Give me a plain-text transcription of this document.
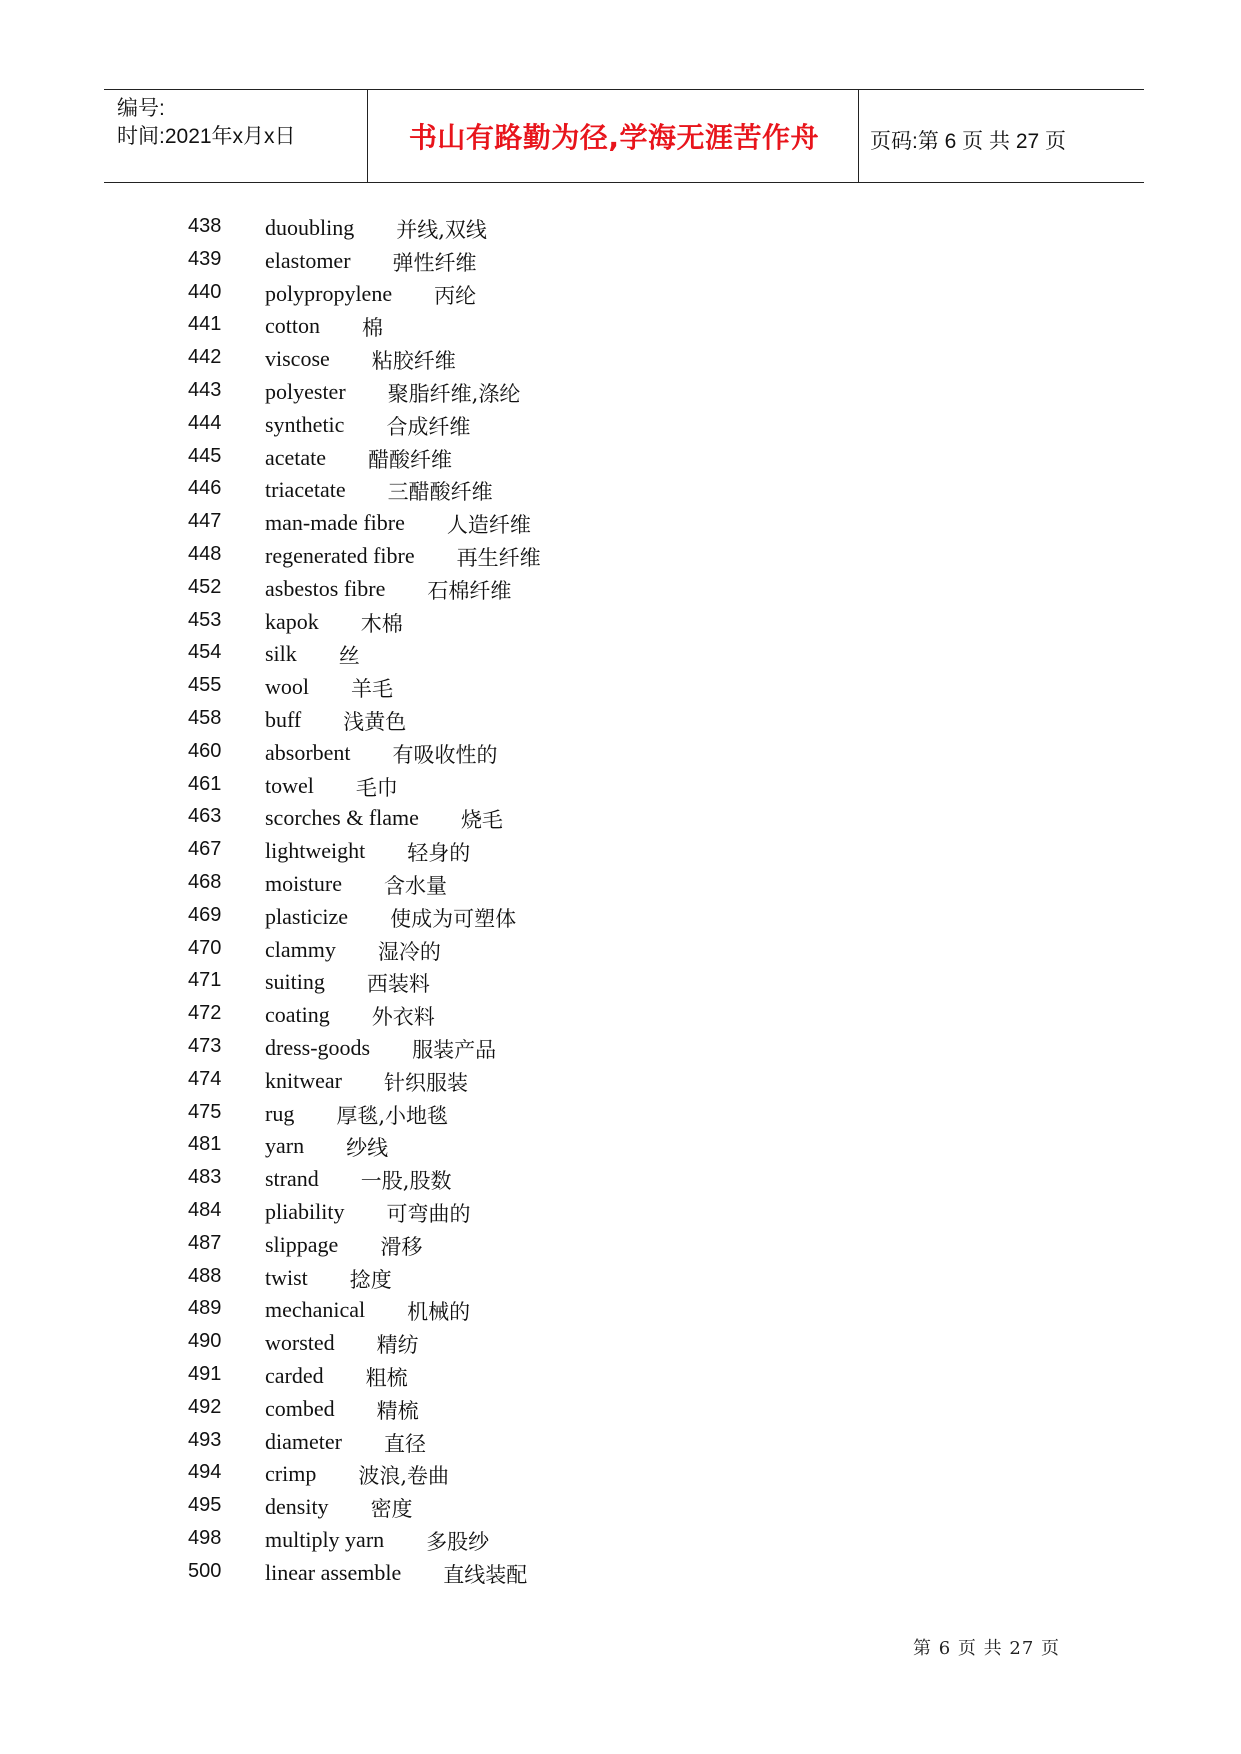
编号:
时间:2021年x月x日	书山有路勤为径,学海无涯苦作舟	页码:第 6 页 共 27 页
438 duoubling 并线,双线
439 elastomer 弹性纤维
440 polypropylene 丙纶
441 cotton 棉
442 viscose 粘胶纤维
443 polyester 聚脂纤维,涤纶
444 synthetic 合成纤维
445 acetate 醋酸纤维
446 triacetate 三醋酸纤维
447 man-made fibre 人造纤维
448 regenerated fibre 再生纤维
452 asbestos fibre 石棉纤维
453 kapok 木棉
454 silk 丝
455 wool 羊毛
458 buff 浅黄色
460 absorbent 有吸收性的
461 towel 毛巾
463 scorches & flame 烧毛
467 lightweight 轻身的
468 moisture 含水量
469 plasticize 使成为可塑体
470 clammy 湿冷的
471 suiting 西装料
472 coating 外衣料
473 dress-goods 服装产品
474 knitwear 针织服装
475 rug 厚毯,小地毯
481 yarn 纱线
483 strand 一股,股数
484 pliability 可弯曲的
487 slippage 滑移
488 twist 捻度
489 mechanical 机械的
490 worsted 精纺
491 carded 粗梳
492 combed 精梳
493 diameter 直径
494 crimp 波浪,卷曲
495 density 密度
498 multiply yarn 多股纱
500 linear assemble 直线装配
第 6 页 共 27 页
